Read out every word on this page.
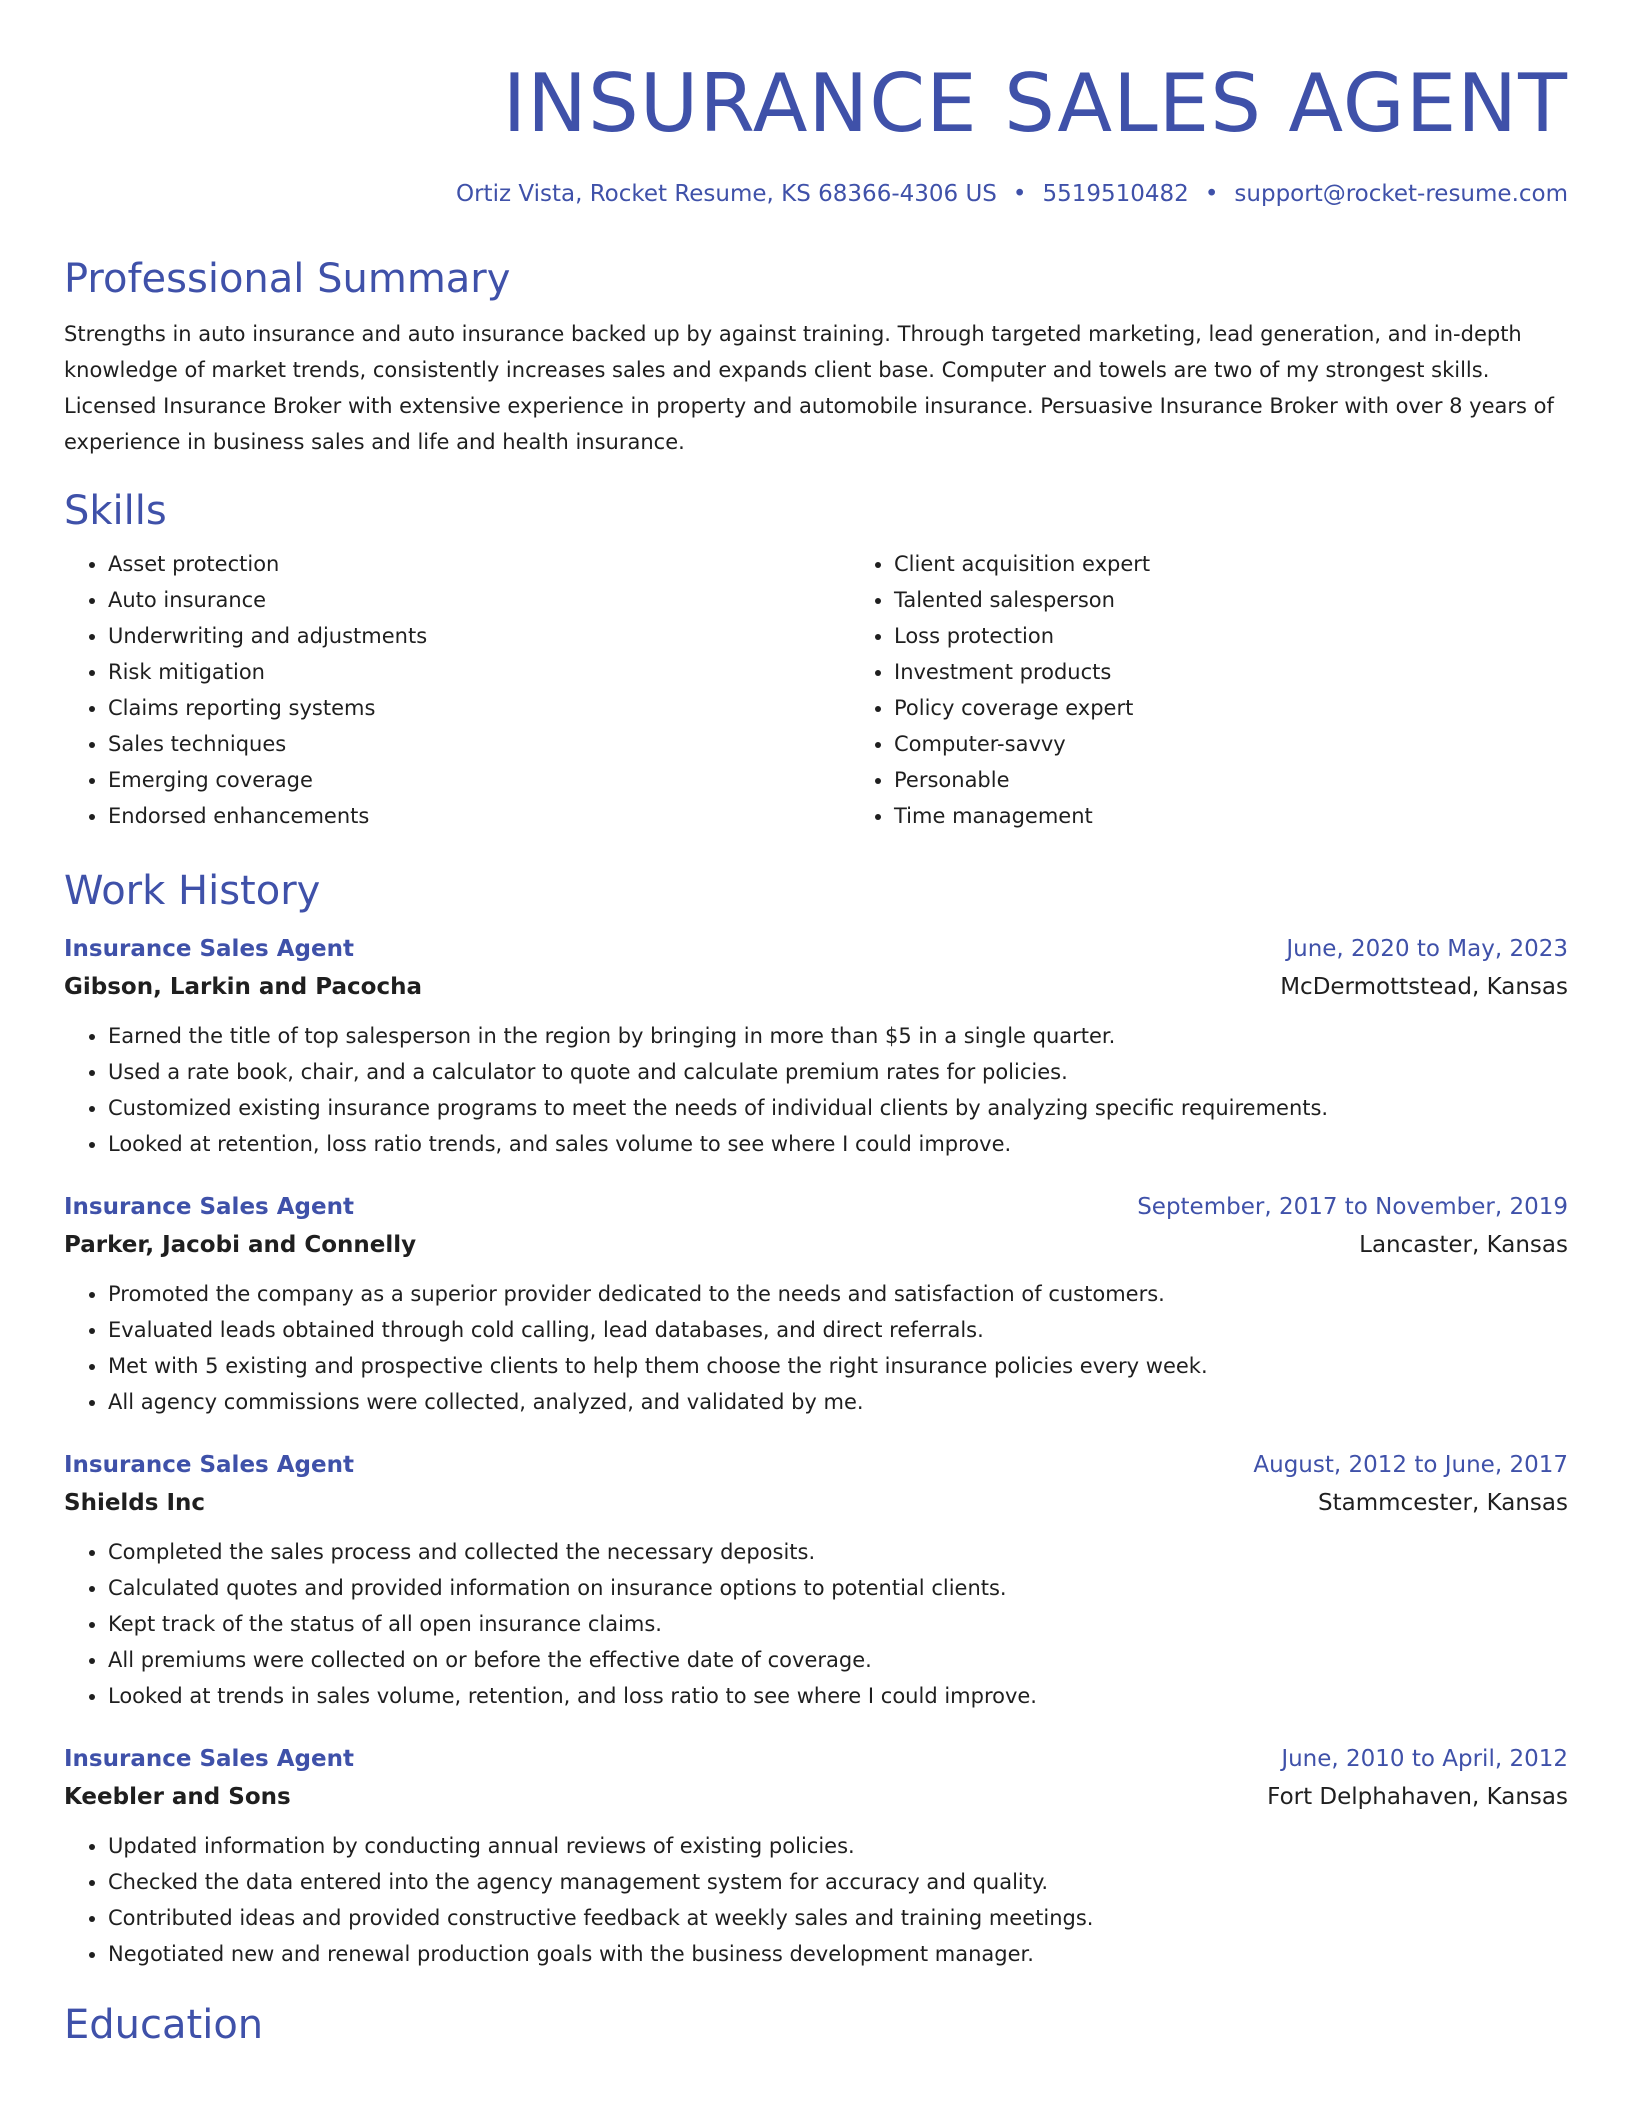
INSURANCE SALES AGENT
Ortiz Vista, Rocket Resume, KS 68366-4306 US • 5519510482 • support@rocket-resume.com
Professional Summary
Strengths in auto insurance and auto insurance backed up by against training. Through targeted marketing, lead generation, and in-depth knowledge of market trends, consistently increases sales and expands client base. Computer and towels are two of my strongest skills. Licensed Insurance Broker with extensive experience in property and automobile insurance. Persuasive Insurance Broker with over 8 years of experience in business sales and life and health insurance.
Skills
• Asset protection
• Auto insurance
• Underwriting and adjustments
• Risk mitigation
• Claims reporting systems
• Sales techniques
• Emerging coverage
• Endorsed enhancements
• Client acquisition expert
• Talented salesperson
• Loss protection
• Investment products
• Policy coverage expert
• Computer-savvy
• Personable
• Time management
Work History
Insurance Sales Agent	June, 2020 to May, 2023
Gibson, Larkin and Pacocha	McDermottstead, Kansas
• Earned the title of top salesperson in the region by bringing in more than $5 in a single quarter.
• Used a rate book, chair, and a calculator to quote and calculate premium rates for policies.
• Customized existing insurance programs to meet the needs of individual clients by analyzing specific requirements.
• Looked at retention, loss ratio trends, and sales volume to see where I could improve.
Insurance Sales Agent	September, 2017 to November, 2019
Parker, Jacobi and Connelly	Lancaster, Kansas
• Promoted the company as a superior provider dedicated to the needs and satisfaction of customers.
• Evaluated leads obtained through cold calling, lead databases, and direct referrals.
• Met with 5 existing and prospective clients to help them choose the right insurance policies every week.
• All agency commissions were collected, analyzed, and validated by me.
Insurance Sales Agent	August, 2012 to June, 2017
Shields Inc	Stammcester, Kansas
• Completed the sales process and collected the necessary deposits.
• Calculated quotes and provided information on insurance options to potential clients.
• Kept track of the status of all open insurance claims.
• All premiums were collected on or before the effective date of coverage.
• Looked at trends in sales volume, retention, and loss ratio to see where I could improve.
Insurance Sales Agent	June, 2010 to April, 2012
Keebler and Sons	Fort Delphahaven, Kansas
• Updated information by conducting annual reviews of existing policies.
• Checked the data entered into the agency management system for accuracy and quality.
• Contributed ideas and provided constructive feedback at weekly sales and training meetings.
• Negotiated new and renewal production goals with the business development manager.
Education
